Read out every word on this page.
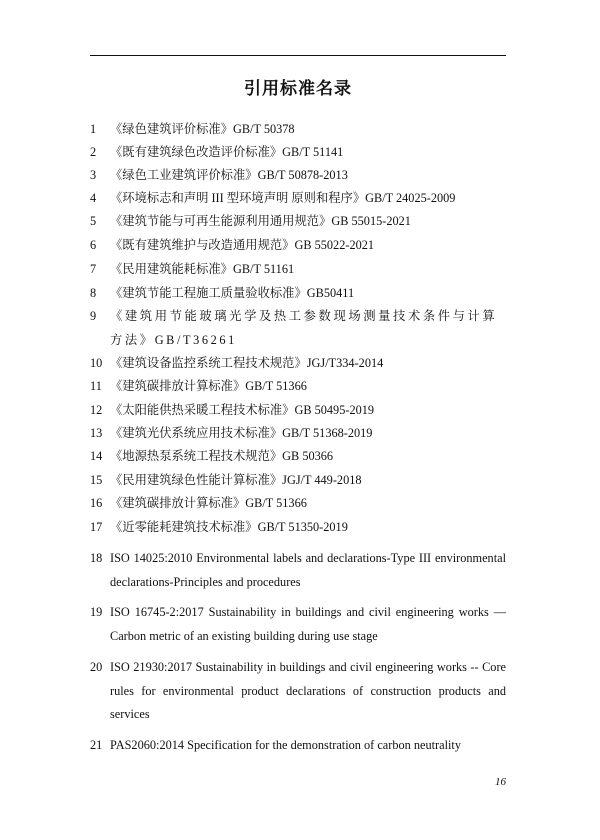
引用标准名录
1	《绿色建筑评价标准》GB/T 50378
2	《既有建筑绿色改造评价标准》GB/T 51141
3	《绿色工业建筑评价标准》GB/T 50878-2013
4	《环境标志和声明 III 型环境声明 原则和程序》GB/T 24025-2009
5	《建筑节能与可再生能源利用通用规范》GB 55015-2021
6	《既有建筑维护与改造通用规范》GB 55022-2021
7	《民用建筑能耗标准》GB/T 51161
8	《建筑节能工程施工质量验收标准》GB50411
9	《建筑用节能玻璃光学及热工参数现场测量技术条件与计算方法》GB/T36261
10 《建筑设备监控系统工程技术规范》JGJ/T334-2014
11 《建筑碳排放计算标准》GB/T 51366
12 《太阳能供热采暖工程技术标准》GB 50495-2019
13 《建筑光伏系统应用技术标准》GB/T 51368-2019
14 《地源热泵系统工程技术规范》GB 50366
15 《民用建筑绿色性能计算标准》JGJ/T 449-2018
16 《建筑碳排放计算标准》GB/T 51366
17 《近零能耗建筑技术标准》GB/T 51350-2019
18 ISO 14025:2010 Environmental labels and declarations-Type III environmental declarations-Principles and procedures
19 ISO 16745-2:2017 Sustainability in buildings and civil engineering works — Carbon metric of an existing building during use stage
20 ISO 21930:2017 Sustainability in buildings and civil engineering works -- Core rules for environmental product declarations of construction products and services
21 PAS2060:2014 Specification for the demonstration of carbon neutrality
16
